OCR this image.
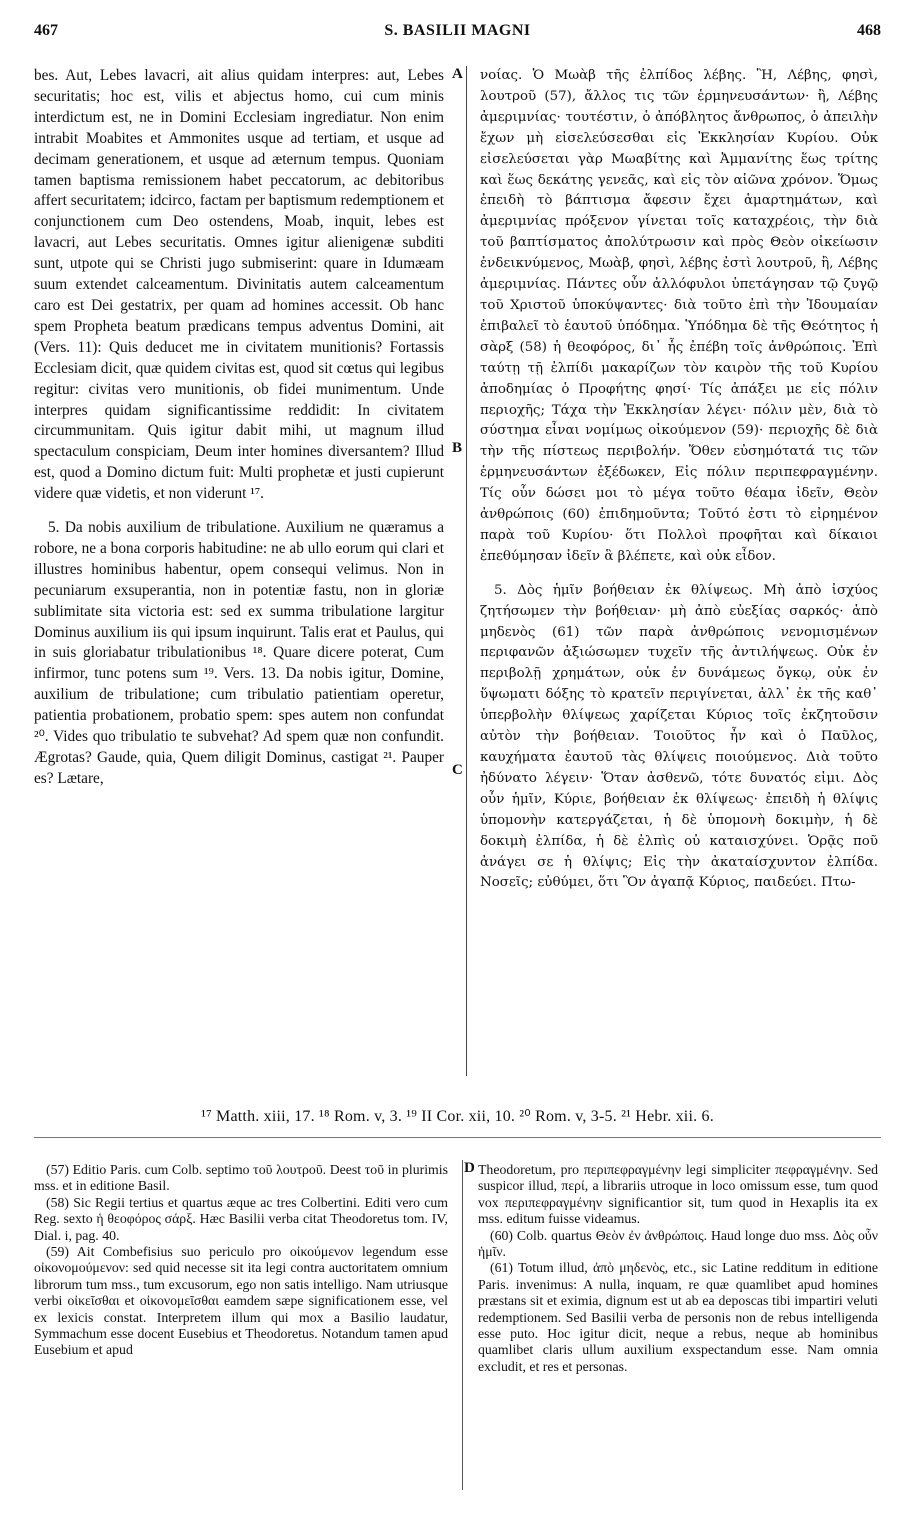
467	S. BASILII MAGNI	468

bes. Aut, Lebes lavacri, ait alius quidam interpres: aut, Lebes securitatis; hoc est, vilis et abjectus homo, cui cum minis interdictum est, ne in Domini Ecclesiam ingrediatur. Non enim intrabit Moabites et Ammonites usque ad tertiam, et usque ad decimam generationem, et usque ad æternum tempus. Quoniam tamen baptisma remissionem habet peccatorum, ac debitoribus affert securitatem; idcirco, factam per baptismum redemptionem et conjunctionem cum Deo ostendens, Moab, inquit, lebes est lavacri, aut Lebes securitatis. Omnes igitur alienigenæ subditi sunt, utpote qui se Christi jugo submiserint: quare in Idumæam suum extendet calceamentum. Divinitatis autem calceamentum caro est Dei gestatrix, per quam ad homines accessit. Ob hanc spem Propheta beatum prædicans tempus adventus Domini, ait (Vers. 11): Quis deducet me in civitatem munitionis? Fortassis Ecclesiam dicit, quæ quidem civitas est, quod sit cœtus qui legibus regitur: civitas vero munitionis, ob fidei munimentum. Unde interpres quidam significantissime reddidit: In civitatem circummunitam. Quis igitur dabit mihi, ut magnum illud spectaculum conspiciam, Deum inter homines diversantem? Illud est, quod a Domino dictum fuit: Multi prophetæ et justi cupierunt videre quæ videtis, et non viderunt ¹⁷.

5. Da nobis auxilium de tribulatione. Auxilium ne quæramus a robore, ne a bona corporis habitudine: ne ab ullo eorum qui clari et illustres hominibus habentur, opem consequi velimus. Non in pecuniarum exsuperantia, non in potentiæ fastu, non in gloriæ sublimitate sita victoria est: sed ex summa tribulatione largitur Dominus auxilium iis qui ipsum inquirunt. Talis erat et Paulus, qui in suis gloriabatur tribulationibus ¹⁸. Quare dicere poterat, Cum infirmor, tunc potens sum ¹⁹. Vers. 13. Da nobis igitur, Domine, auxilium de tribulatione; cum tribulatio patientiam operetur, patientia probationem, probatio spem: spes autem non confundat ²⁰. Vides quo tribulatio te subvehat? Ad spem quæ non confundit. Ægrotas? Gaude, quia, Quem diligit Dominus, castigat ²¹. Pauper es? Lætare,

A
B
C

νοίας. Ὁ Μωὰβ τῆς ἐλπίδος λέβης. Ἢ, Λέβης, φησὶ, λουτροῦ (57), ἄλλος τις τῶν ἑρμηνευσάντων· ἢ, Λέβης ἀμεριμνίας· τουτέστιν, ὁ ἀπόβλητος ἄνθρωπος, ὁ ἀπειλὴν ἔχων μὴ εἰσελεύσεσθαι εἰς Ἐκκλησίαν Κυρίου. Οὐκ εἰσελεύσεται γὰρ Μωαβίτης καὶ Ἀμμανίτης ἕως τρίτης καὶ ἕως δεκάτης γενεᾶς, καὶ εἰς τὸν αἰῶνα χρόνον. Ὅμως ἐπειδὴ τὸ βάπτισμα ἄφεσιν ἔχει ἁμαρτημάτων, καὶ ἀμεριμνίας πρόξενον γίνεται τοῖς καταχρέοις, τὴν διὰ τοῦ βαπτίσματος ἀπολύτρωσιν καὶ πρὸς Θεὸν οἰκείωσιν ἐνδεικνύμενος, Μωὰβ, φησὶ, λέβης ἐστὶ λουτροῦ, ἢ, Λέβης ἀμεριμνίας. Πάντες οὖν ἀλλόφυλοι ὑπετάγησαν τῷ ζυγῷ τοῦ Χριστοῦ ὑποκύψαντες· διὰ τοῦτο ἐπὶ τὴν Ἰδουμαίαν ἐπιβαλεῖ τὸ ἑαυτοῦ ὑπόδημα. Ὑπόδημα δὲ τῆς Θεότητος ἡ σὰρξ (58) ἡ θεοφόρος, δι᾽ ἧς ἐπέβη τοῖς ἀνθρώποις. Ἐπὶ ταύτῃ τῇ ἐλπίδι μακαρίζων τὸν καιρὸν τῆς τοῦ Κυρίου ἀποδημίας ὁ Προφήτης φησί· Τίς ἀπάξει με εἰς πόλιν περιοχῆς; Τάχα τὴν Ἐκκλησίαν λέγει· πόλιν μὲν, διὰ τὸ σύστημα εἶναι νομίμως οἰκούμενον (59)· περιοχῆς δὲ διὰ τὴν τῆς πίστεως περιβολήν. Ὅθεν εὐσημότατά τις τῶν ἑρμηνευσάντων ἐξέδωκεν, Εἰς πόλιν περιπεφραγμένην. Τίς οὖν δώσει μοι τὸ μέγα τοῦτο θέαμα ἰδεῖν, Θεὸν ἀνθρώποις (60) ἐπιδημοῦντα; Τοῦτό ἐστι τὸ εἰρημένον παρὰ τοῦ Κυρίου· ὅτι Πολλοὶ προφῆται καὶ δίκαιοι ἐπεθύμησαν ἰδεῖν ἃ βλέπετε, καὶ οὐκ εἶδον.

5. Δὸς ἡμῖν βοήθειαν ἐκ θλίψεως. Μὴ ἀπὸ ἰσχύος ζητήσωμεν τὴν βοήθειαν· μὴ ἀπὸ εὐεξίας σαρκός· ἀπὸ μηδενὸς (61) τῶν παρὰ ἀνθρώποις νενομισμένων περιφανῶν ἀξιώσωμεν τυχεῖν τῆς ἀντιλήψεως. Οὐκ ἐν περιβολῇ χρημάτων, οὐκ ἐν δυνάμεως ὄγκῳ, οὐκ ἐν ὕψωματι δόξης τὸ κρατεῖν περιγίνεται, ἀλλ᾽ ἐκ τῆς καθ᾽ ὑπερβολὴν θλίψεως χαρίζεται Κύριος τοῖς ἐκζητοῦσιν αὐτὸν τὴν βοήθειαν. Τοιοῦτος ἦν καὶ ὁ Παῦλος, καυχήματα ἐαυτοῦ τὰς θλίψεις ποιούμενος. Διὰ τοῦτο ἠδύνατο λέγειν· Ὅταν ἀσθενῶ, τότε δυνατός εἰμι. Δὸς οὖν ἡμῖν, Κύριε, βοήθειαν ἐκ θλίψεως· ἐπειδὴ ἡ θλίψις ὑπομονὴν κατεργάζεται, ἡ δὲ ὑπομονὴ δοκιμὴν, ἡ δὲ δοκιμὴ ἐλπίδα, ἡ δὲ ἐλπὶς οὐ καταισχύνει. Ὁρᾷς ποῦ ἀνάγει σε ἡ θλίψις; Εἰς τὴν ἀκαταίσχυντον ἐλπίδα. Νοσεῖς; εὐθύμει, ὅτι Ὃν ἀγαπᾷ Κύριος, παιδεύει. Πτω-

¹⁷ Matth. xiii, 17. ¹⁸ Rom. v, 3. ¹⁹ II Cor. xii, 10. ²⁰ Rom. v, 3-5. ²¹ Hebr. xii. 6.

(57) Editio Paris. cum Colb. septimo τοῦ λουτροῦ. Deest τοῦ in plurimis mss. et in editione Basil.

(58) Sic Regii tertius et quartus æque ac tres Colbertini. Editi vero cum Reg. sexto ἡ θεοφόρος σάρξ. Hæc Basilii verba citat Theodoretus tom. IV, Dial. i, pag. 40.

(59) Ait Combefisius suo periculo pro οἰκούμενον legendum esse οἰκονομούμενον: sed quid necesse sit ita legi contra auctoritatem omnium librorum tum mss., tum excusorum, ego non satis intelligo. Nam utriusque verbi οἰκεῖσθαι et οἰκονομεῖσθαι eamdem sæpe significationem esse, vel ex lexicis constat. Interpretem illum qui mox a Basilio laudatur, Symmachum esse docent Eusebius et Theodoretus. Notandum tamen apud Eusebium et apud

D Theodoretum, pro περιπεφραγμένην legi simpliciter πεφραγμένην. Sed suspicor illud, περί, a librariis utroque in loco omissum esse, tum quod vox περιπεφραγμένην significantior sit, tum quod in Hexaplis ita ex mss. editum fuisse videamus.

(60) Colb. quartus Θεὸν ἐν ἀνθρώποις. Haud longe duo mss. Δὸς οὖν ἡμῖν.

(61) Totum illud, ἀπὸ μηδενὸς, etc., sic Latine redditum in editione Paris. invenimus: A nulla, inquam, re quæ quamlibet apud homines præstans sit et eximia, dignum est ut ab ea deposcas tibi impartiri veluti redemptionem. Sed Basilii verba de personis non de rebus intelligenda esse puto. Hoc igitur dicit, neque a rebus, neque ab hominibus quamlibet claris ullum auxilium exspectandum esse. Nam omnia excludit, et res et personas.
